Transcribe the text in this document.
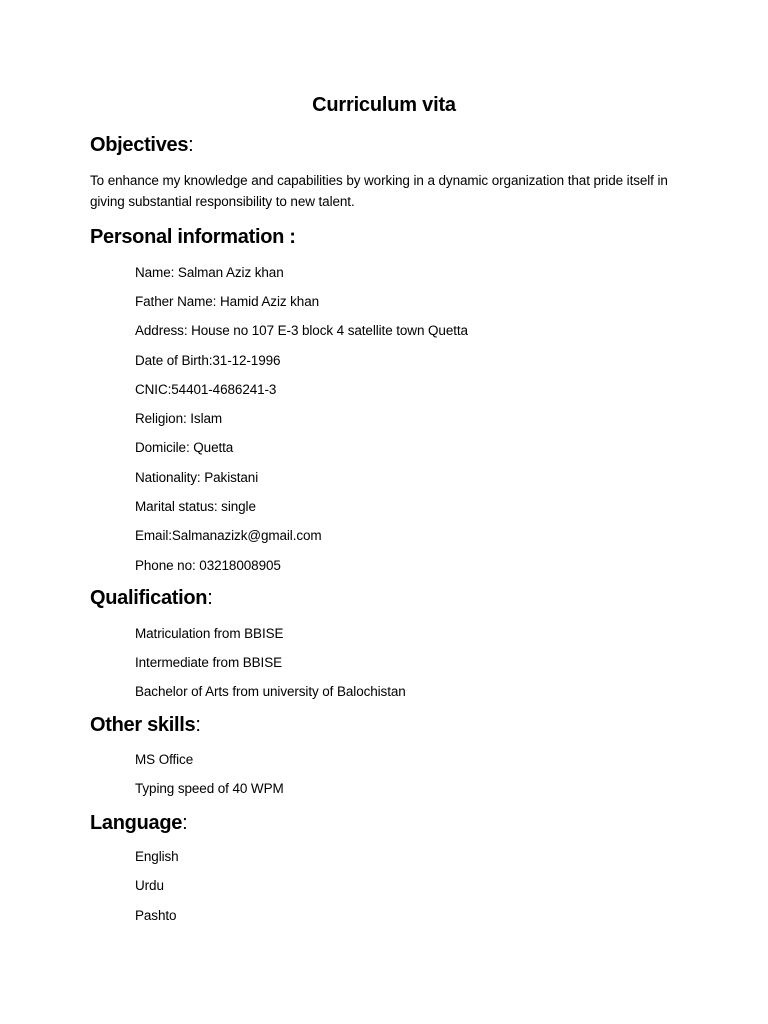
Curriculum vita
Objectives:
To enhance my knowledge and capabilities by working in a dynamic organization that pride itself in giving substantial responsibility to new talent.
Personal information :
Name: Salman Aziz khan
Father Name: Hamid Aziz khan
Address: House no 107 E-3 block 4 satellite town Quetta
Date of Birth:31-12-1996
CNIC:54401-4686241-3
Religion: Islam
Domicile: Quetta
Nationality: Pakistani
Marital status: single
Email:Salmanazizk@gmail.com
Phone no: 03218008905
Qualification:
Matriculation from BBISE
Intermediate from BBISE
Bachelor of Arts from university of Balochistan
Other skills:
MS Office
Typing speed of 40 WPM
Language:
English
Urdu
Pashto
